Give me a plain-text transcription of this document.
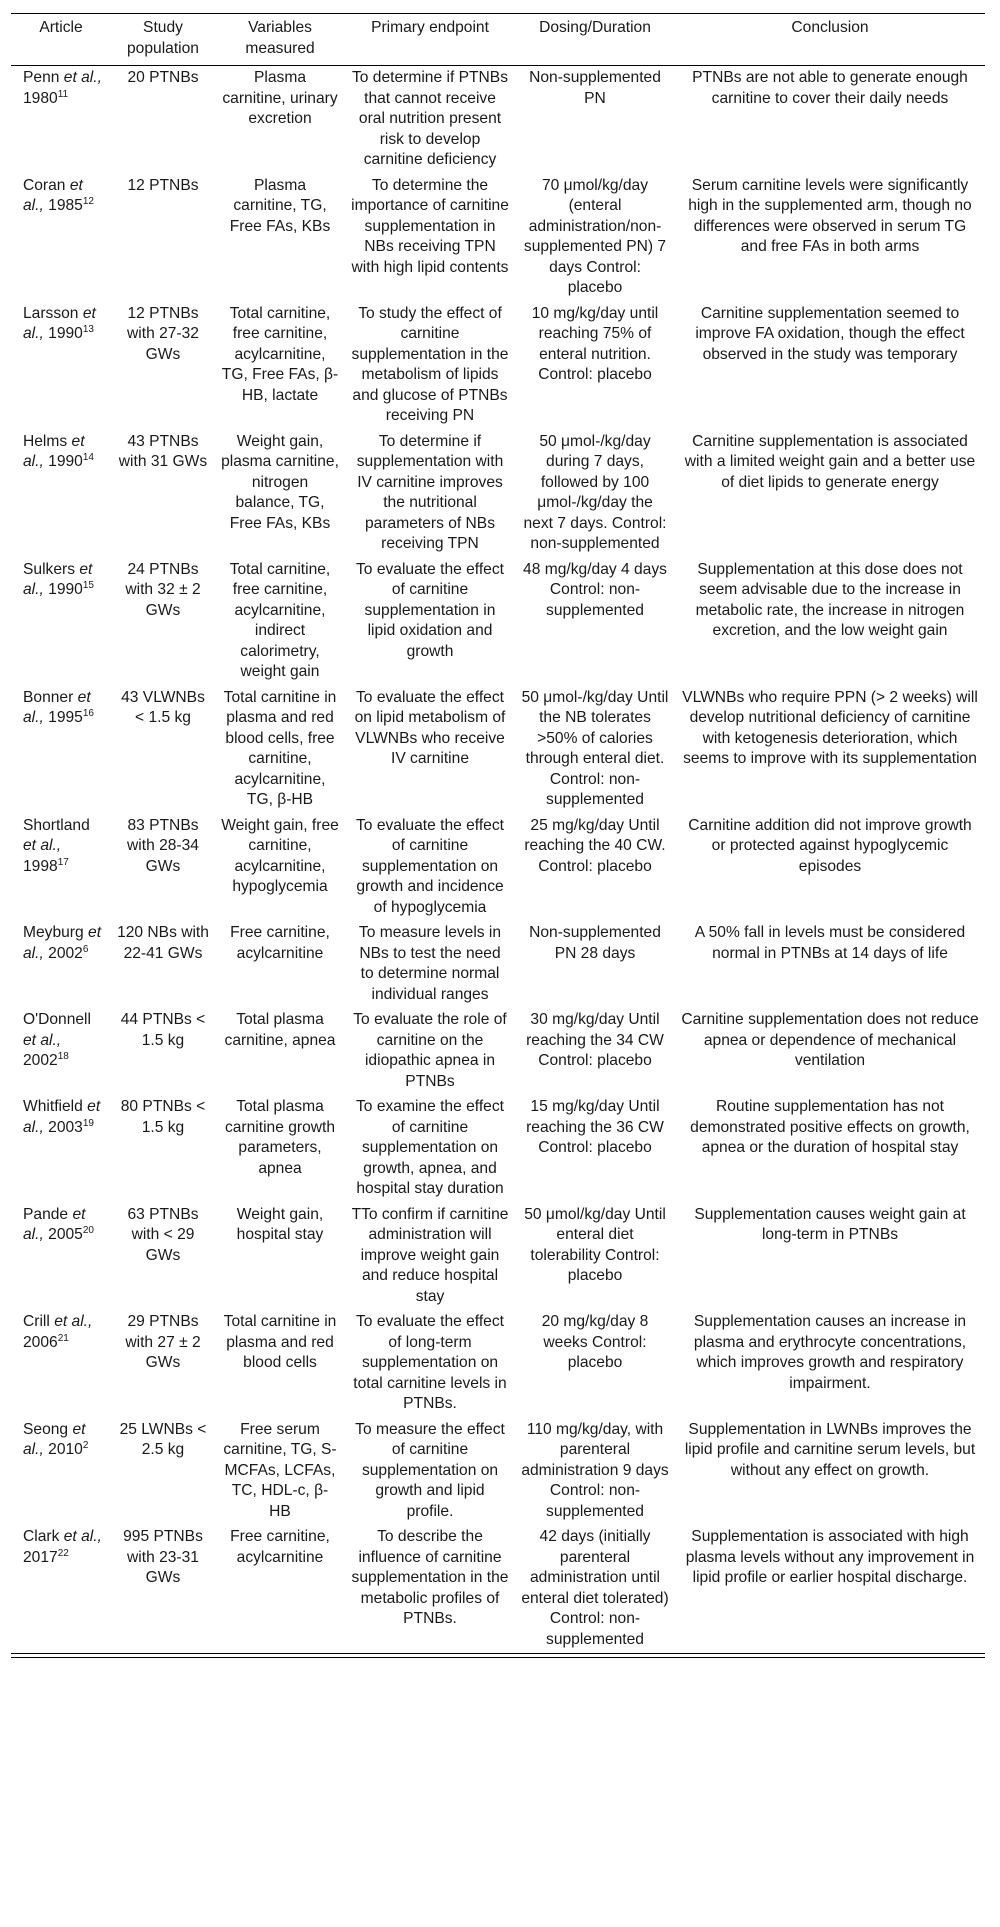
Article	Study population	Variables measured	Primary endpoint	Dosing/Duration	Conclusion
Penn et al., 1980$^{11}$	20 PTNBs	Plasma carnitine, urinary excretion	To determine if PTNBs that cannot receive oral nutrition present risk to develop carnitine deficiency	Non-supplemented PN	PTNBs are not able to generate enough carnitine to cover their daily needs
Coran et al., 1985$^{12}$	12 PTNBs	Plasma carnitine, TG, Free FAs, KBs	To determine the importance of carnitine supplementation in NBs receiving TPN with high lipid contents	70 μmol/kg/day (enteral administration/non-supplemented PN) 7 days Control: placebo	Serum carnitine levels were significantly high in the supplemented arm, though no differences were observed in serum TG and free FAs in both arms
Larsson et al., 1990$^{13}$	12 PTNBs with 27-32 GWs	Total carnitine, free carnitine, acylcarnitine, TG, Free FAs, β-HB, lactate	To study the effect of carnitine supplementation in the metabolism of lipids and glucose of PTNBs receiving PN	10 mg/kg/day until reaching 75% of enteral nutrition. Control: placebo	Carnitine supplementation seemed to improve FA oxidation, though the effect observed in the study was temporary
Helms et al., 1990$^{14}$	43 PTNBs with 31 GWs	Weight gain, plasma carnitine, nitrogen balance, TG, Free FAs, KBs	To determine if supplementation with IV carnitine improves the nutritional parameters of NBs receiving TPN	50 μmol-/kg/day during 7 days, followed by 100 μmol-/kg/day the next 7 days. Control: non-supplemented	Carnitine supplementation is associated with a limited weight gain and a better use of diet lipids to generate energy
Sulkers et al., 1990$^{15}$	24 PTNBs with 32 ± 2 GWs	Total carnitine, free carnitine, acylcarnitine, indirect calorimetry, weight gain	To evaluate the effect of carnitine supplementation in lipid oxidation and growth	48 mg/kg/day 4 days Control: non-supplemented	Supplementation at this dose does not seem advisable due to the increase in metabolic rate, the increase in nitrogen excretion, and the low weight gain
Bonner et al., 1995$^{16}$	43 VLWNBs < 1.5 kg	Total carnitine in plasma and red blood cells, free carnitine, acylcarnitine, TG, β-HB	To evaluate the effect on lipid metabolism of VLWNBs who receive IV carnitine	50 μmol-/kg/day Until the NB tolerates >50% of calories through enteral diet. Control: non-supplemented	VLWNBs who require PPN (> 2 weeks) will develop nutritional deficiency of carnitine with ketogenesis deterioration, which seems to improve with its supplementation
Shortland et al., 1998$^{17}$	83 PTNBs with 28-34 GWs	Weight gain, free carnitine, acylcarnitine, hypoglycemia	To evaluate the effect of carnitine supplementation on growth and incidence of hypoglycemia	25 mg/kg/day Until reaching the 40 CW. Control: placebo	Carnitine addition did not improve growth or protected against hypoglycemic episodes
Meyburg et al., 2002$^6$	120 NBs with 22-41 GWs	Free carnitine, acylcarnitine	To measure levels in NBs to test the need to determine normal individual ranges	Non-supplemented PN 28 days	A 50% fall in levels must be considered normal in PTNBs at 14 days of life
O'Donnell et al., 2002$^{18}$	44 PTNBs < 1.5 kg	Total plasma carnitine, apnea	To evaluate the role of carnitine on the idiopathic apnea in PTNBs	30 mg/kg/day Until reaching the 34 CW Control: placebo	Carnitine supplementation does not reduce apnea or dependence of mechanical ventilation
Whitfield et al., 2003$^{19}$	80 PTNBs < 1.5 kg	Total plasma carnitine growth parameters, apnea	To examine the effect of carnitine supplementation on growth, apnea, and hospital stay duration	15 mg/kg/day Until reaching the 36 CW Control: placebo	Routine supplementation has not demonstrated positive effects on growth, apnea or the duration of hospital stay
Pande et al., 2005$^{20}$	63 PTNBs with < 29 GWs	Weight gain, hospital stay	TTo confirm if carnitine administration will improve weight gain and reduce hospital stay	50 μmol/kg/day Until enteral diet tolerability Control: placebo	Supplementation causes weight gain at long-term in PTNBs
Crill et al., 2006$^{21}$	29 PTNBs with 27 ± 2 GWs	Total carnitine in plasma and red blood cells	To evaluate the effect of long-term supplementation on total carnitine levels in PTNBs.	20 mg/kg/day 8 weeks Control: placebo	Supplementation causes an increase in plasma and erythrocyte concentrations, which improves growth and respiratory impairment.
Seong et al., 2010$^2$	25 LWNBs < 2.5 kg	Free serum carnitine, TG, S-MCFAs, LCFAs, TC, HDL-c, β-HB	To measure the effect of carnitine supplementation on growth and lipid profile.	110 mg/kg/day, with parenteral administration 9 days Control: non-supplemented	Supplementation in LWNBs improves the lipid profile and carnitine serum levels, but without any effect on growth.
Clark et al., 2017$^{22}$	995 PTNBs with 23-31 GWs	Free carnitine, acylcarnitine	To describe the influence of carnitine supplementation in the metabolic profiles of PTNBs.	42 days (initially parenteral administration until enteral diet tolerated) Control: non-supplemented	Supplementation is associated with high plasma levels without any improvement in lipid profile or earlier hospital discharge.
